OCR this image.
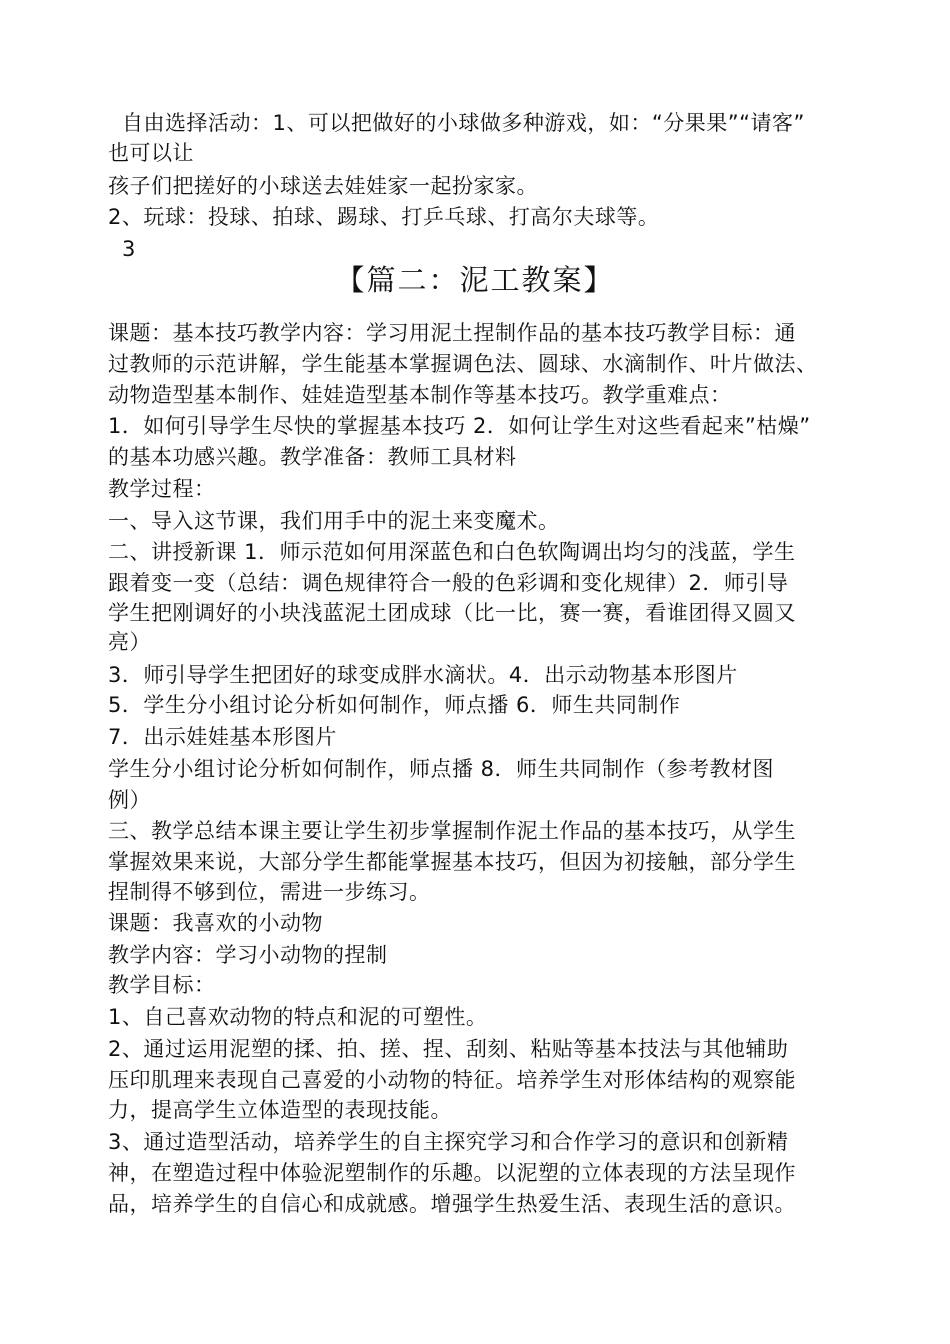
自由选择活动：1、可以把做好的小球做多种游戏，如：“分果果”“请客”
也可以让
孩子们把搓好的小球送去娃娃家一起扮家家。
2、玩球：投球、拍球、踢球、打乒乓球、打高尔夫球等。
3
【篇二：泥工教案】
课题：基本技巧教学内容：学习用泥土捏制作品的基本技巧教学目标：通
过教师的示范讲解，学生能基本掌握调色法、圆球、水滴制作、叶片做法、
动物造型基本制作、娃娃造型基本制作等基本技巧。教学重难点：
1．如何引导学生尽快的掌握基本技巧 2．如何让学生对这些看起来”枯燥”
的基本功感兴趣。教学准备：教师工具材料
教学过程：
一、导入这节课，我们用手中的泥土来变魔术。
二、讲授新课 1．师示范如何用深蓝色和白色软陶调出均匀的浅蓝，学生
跟着变一变（总结：调色规律符合一般的色彩调和变化规律）2．师引导
学生把刚调好的小块浅蓝泥土团成球（比一比，赛一赛，看谁团得又圆又
亮）
3．师引导学生把团好的球变成胖水滴状。4．出示动物基本形图片
5．学生分小组讨论分析如何制作，师点播 6．师生共同制作
7．出示娃娃基本形图片
学生分小组讨论分析如何制作，师点播 8．师生共同制作（参考教材图
例）
三、教学总结本课主要让学生初步掌握制作泥土作品的基本技巧，从学生
掌握效果来说，大部分学生都能掌握基本技巧，但因为初接触，部分学生
捏制得不够到位，需进一步练习。
课题：我喜欢的小动物
教学内容：学习小动物的捏制
教学目标：
1、自己喜欢动物的特点和泥的可塑性。
2、通过运用泥塑的揉、拍、搓、捏、刮刻、粘贴等基本技法与其他辅助
压印肌理来表现自己喜爱的小动物的特征。培养学生对形体结构的观察能
力，提高学生立体造型的表现技能。
3、通过造型活动，培养学生的自主探究学习和合作学习的意识和创新精
神，在塑造过程中体验泥塑制作的乐趣。以泥塑的立体表现的方法呈现作
品，培养学生的自信心和成就感。增强学生热爱生活、表现生活的意识。
